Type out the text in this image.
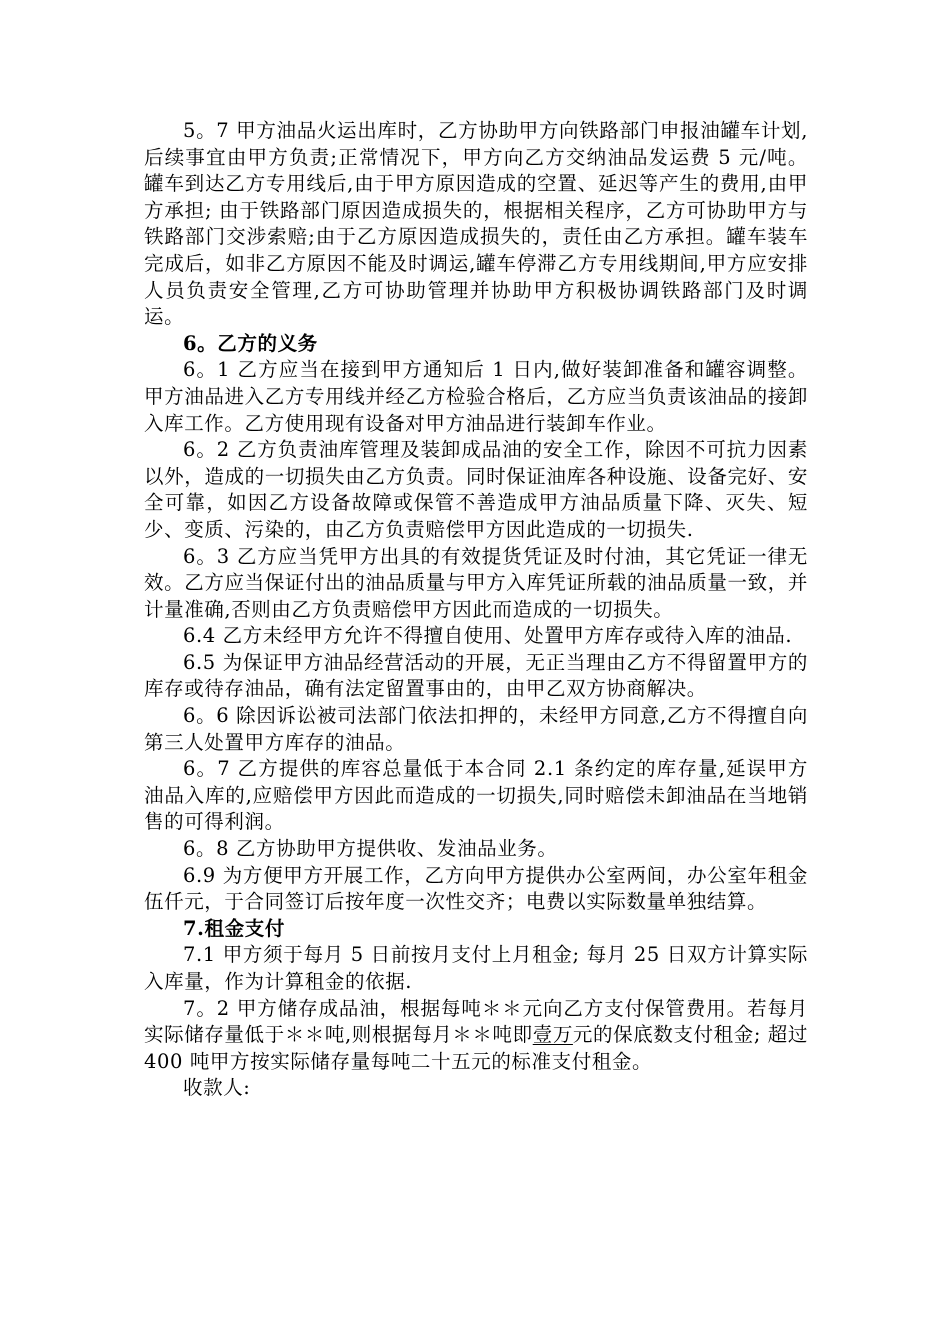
5。7 甲方油品火运出库时，乙方协助甲方向铁路部门申报油罐车计划,后续事宜由甲方负责;正常情况下，甲方向乙方交纳油品发运费 5 元/吨。罐车到达乙方专用线后,由于甲方原因造成的空置、延迟等产生的费用,由甲方承担; 由于铁路部门原因造成损失的，根据相关程序，乙方可协助甲方与铁路部门交涉索赔;由于乙方原因造成损失的，责任由乙方承担。罐车装车完成后，如非乙方原因不能及时调运,罐车停滞乙方专用线期间,甲方应安排人员负责安全管理,乙方可协助管理并协助甲方积极协调铁路部门及时调运。

6。乙方的义务

6。1 乙方应当在接到甲方通知后 1 日内,做好装卸准备和罐容调整。甲方油品进入乙方专用线并经乙方检验合格后，乙方应当负责该油品的接卸入库工作。乙方使用现有设备对甲方油品进行装卸车作业。

6。2 乙方负责油库管理及装卸成品油的安全工作，除因不可抗力因素以外，造成的一切损失由乙方负责。同时保证油库各种设施、设备完好、安全可靠，如因乙方设备故障或保管不善造成甲方油品质量下降、灭失、短少、变质、污染的，由乙方负责赔偿甲方因此造成的一切损失.

6。3 乙方应当凭甲方出具的有效提货凭证及时付油，其它凭证一律无效。乙方应当保证付出的油品质量与甲方入库凭证所载的油品质量一致，并计量准确,否则由乙方负责赔偿甲方因此而造成的一切损失。

6.4 乙方未经甲方允许不得擅自使用、处置甲方库存或待入库的油品.

6.5 为保证甲方油品经营活动的开展，无正当理由乙方不得留置甲方的库存或待存油品，确有法定留置事由的，由甲乙双方协商解决。

6。6 除因诉讼被司法部门依法扣押的，未经甲方同意,乙方不得擅自向第三人处置甲方库存的油品。

6。7 乙方提供的库容总量低于本合同 2.1 条约定的库存量,延误甲方油品入库的,应赔偿甲方因此而造成的一切损失,同时赔偿未卸油品在当地销售的可得利润。

6。8 乙方协助甲方提供收、发油品业务。

6.9 为方便甲方开展工作，乙方向甲方提供办公室两间，办公室年租金伍仟元，于合同签订后按年度一次性交齐；电费以实际数量单独结算。

7.租金支付

7.1 甲方须于每月 5 日前按月支付上月租金; 每月 25 日双方计算实际入库量，作为计算租金的依据.

7。2 甲方储存成品油，根据每吨＊＊元向乙方支付保管费用。若每月实际储存量低于＊＊吨,则根据每月＊＊吨即壹万元的保底数支付租金; 超过 400 吨甲方按实际储存量每吨二十五元的标准支付租金。

收款人:
